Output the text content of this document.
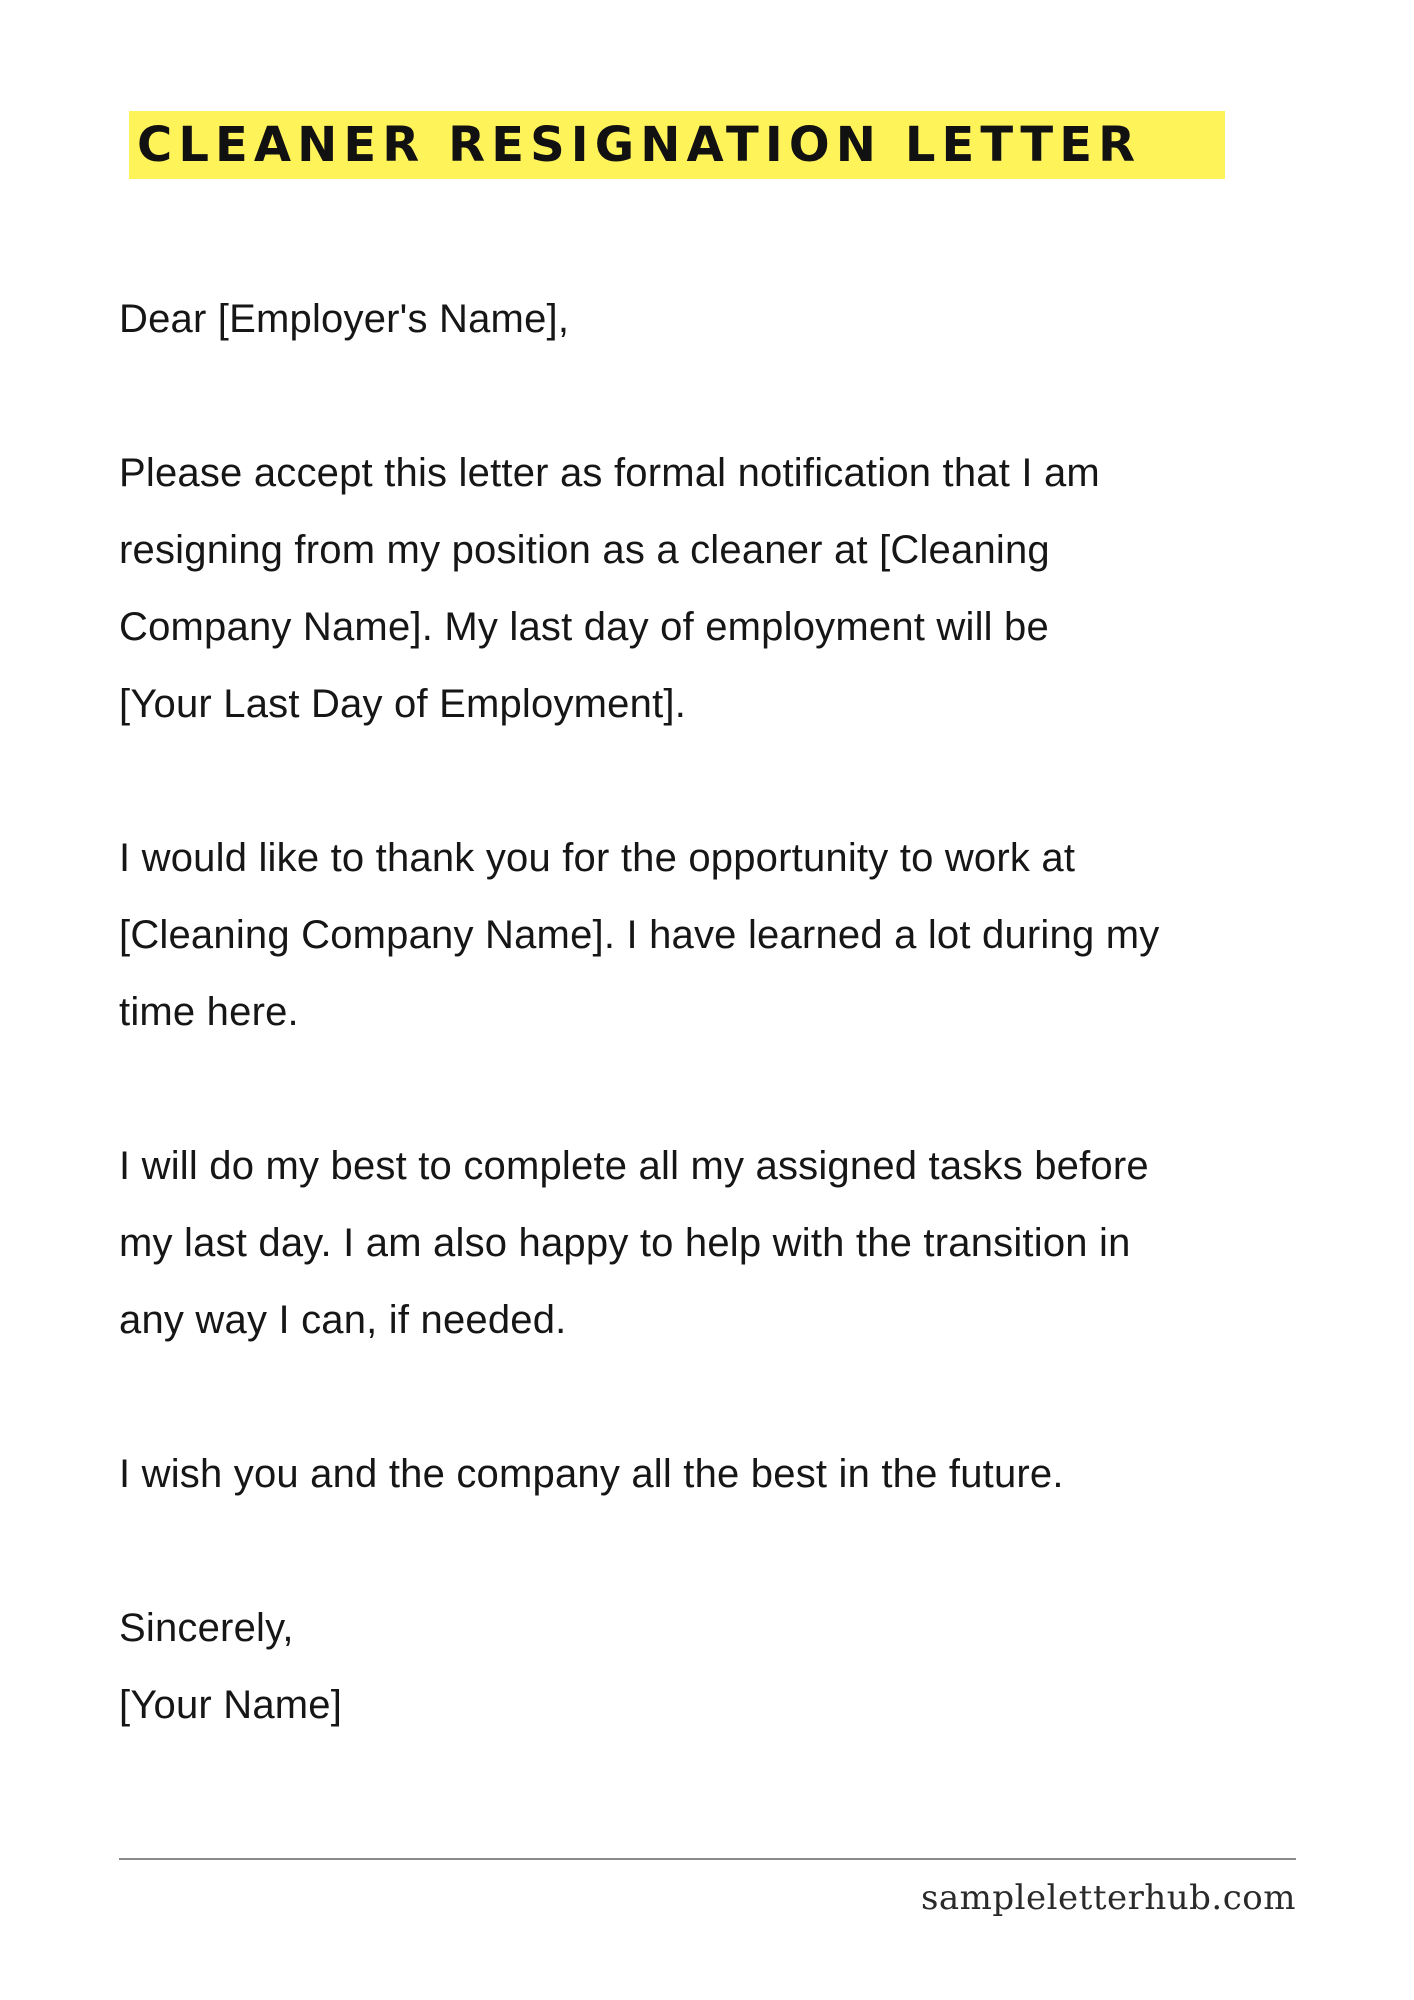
CLEANER RESIGNATION LETTER
Dear [Employer's Name],
Please accept this letter as formal notification that I am
resigning from my position as a cleaner at [Cleaning
Company Name]. My last day of employment will be
[Your Last Day of Employment].
I would like to thank you for the opportunity to work at
[Cleaning Company Name]. I have learned a lot during my
time here.
I will do my best to complete all my assigned tasks before
my last day. I am also happy to help with the transition in
any way I can, if needed.
I wish you and the company all the best in the future.
Sincerely,
[Your Name]
sampleletterhub.com
